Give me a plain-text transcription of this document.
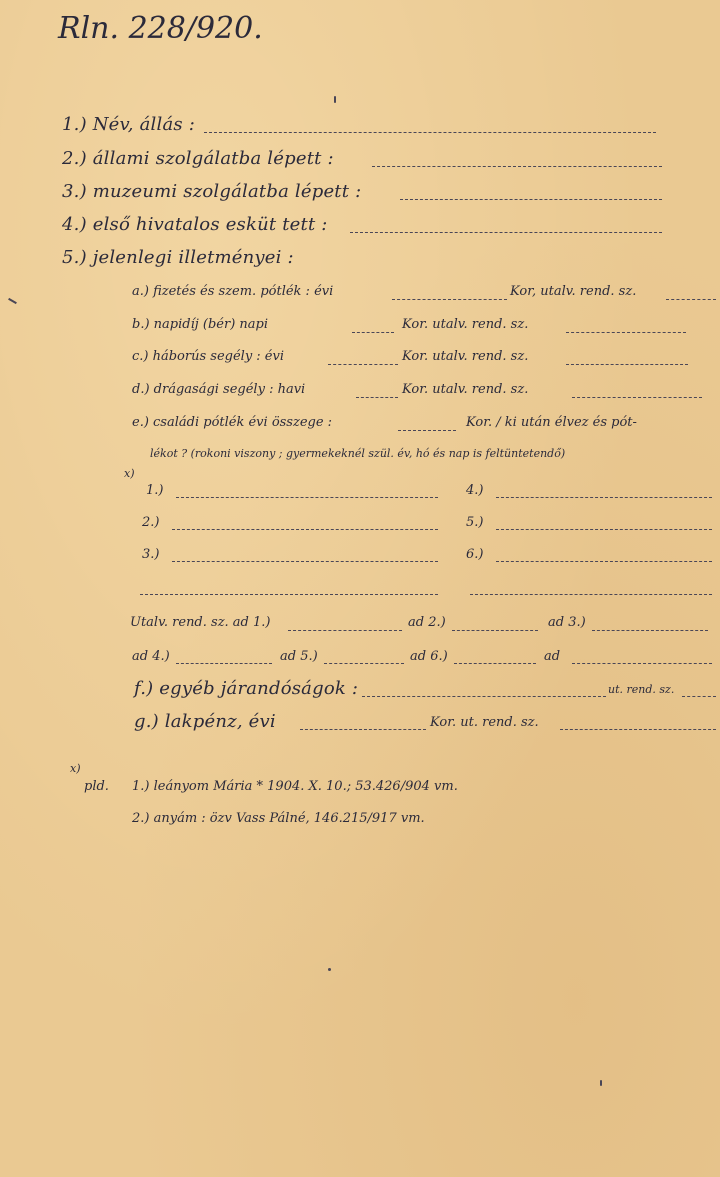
Rln. 228/920.
1.) Név, állás :
2.) állami szolgálatba lépett :
3.) muzeumi szolgálatba lépett :
4.) első hivatalos esküt tett :
5.) jelenlegi illetményei :
a.) fizetés és szem. pótlék : évi	Kor, utalv. rend. sz.
b.) napidíj (bér) napi	Kor. utalv. rend. sz.
c.) háborús segély : évi	Kor. utalv. rend. sz.
d.) drágasági segély : havi	Kor. utalv. rend. sz.
e.) családi pótlék évi összege :	Kor. / ki után élvez és pót-
lékot ? (rokoni viszony ; gyermekeknél szül. év, hó és nap is feltüntetendő)
x)
1.)	4.)
2.)	5.)
3.)	6.)
Utalv. rend. sz. ad 1.)	ad 2.)	ad 3.)
ad 4.)	ad 5.)	ad 6.)	ad
f.) egyéb járandóságok :	ut. rend. sz.
g.) lakpénz, évi	Kor. ut. rend. sz.
x)
pld. 1.) leányom Mária * 1904. X. 10.; 53.426/904 vm.
2.) anyám : özv Vass Pálné, 146.215/917 vm.
